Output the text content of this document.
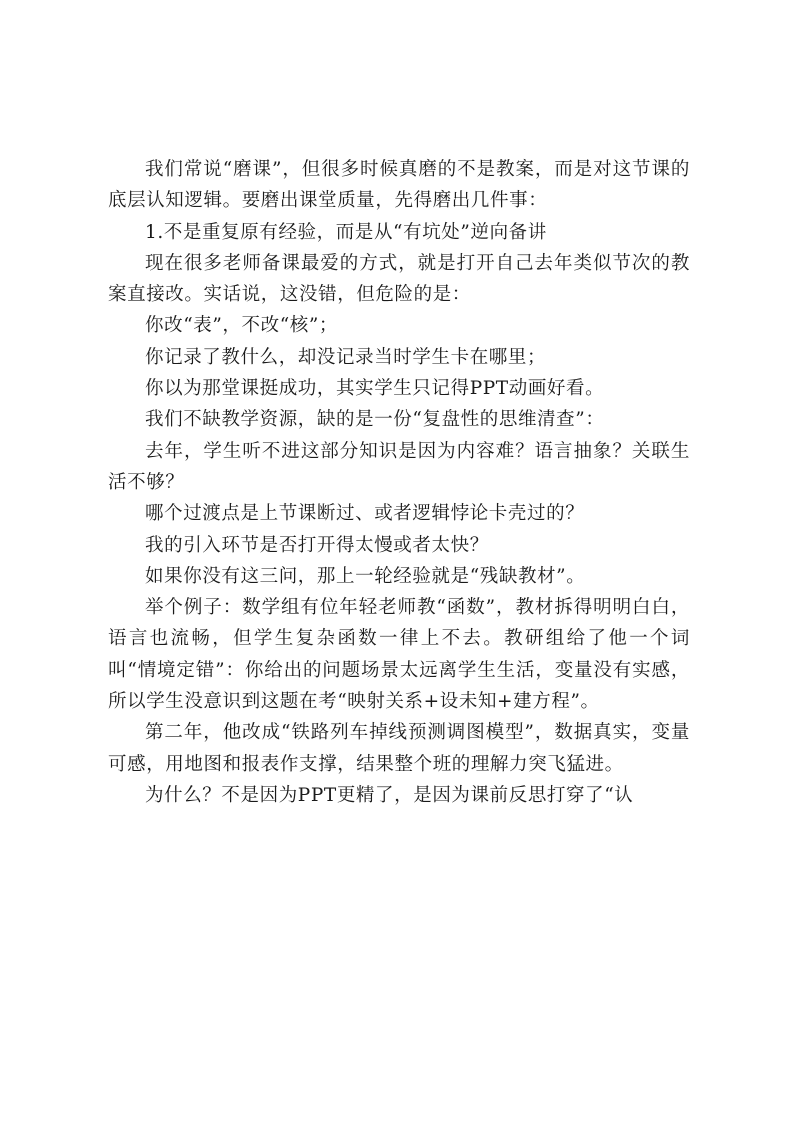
我们常说“磨课”，但很多时候真磨的不是教案，而是对这节课的底层认知逻辑。要磨出课堂质量，先得磨出几件事：

1.不是重复原有经验，而是从“有坑处”逆向备讲

现在很多老师备课最爱的方式，就是打开自己去年类似节次的教案直接改。实话说，这没错，但危险的是：

你改“表”，不改“核”；

你记录了教什么，却没记录当时学生卡在哪里；

你以为那堂课挺成功，其实学生只记得PPT动画好看。

我们不缺教学资源，缺的是一份“复盘性的思维清查”：

去年，学生听不进这部分知识是因为内容难？语言抽象？关联生活不够？

哪个过渡点是上节课断过、或者逻辑悖论卡壳过的？

我的引入环节是否打开得太慢或者太快？

如果你没有这三问，那上一轮经验就是“残缺教材”。

举个例子：数学组有位年轻老师教“函数”，教材拆得明明白白，语言也流畅，但学生复杂函数一律上不去。教研组给了他一个词叫“情境定错”：你给出的问题场景太远离学生生活，变量没有实感，所以学生没意识到这题在考“映射关系+设未知+建方程”。

第二年，他改成“铁路列车掉线预测调图模型”，数据真实，变量可感，用地图和报表作支撑，结果整个班的理解力突飞猛进。

为什么？不是因为PPT更精了，是因为课前反思打穿了“认
